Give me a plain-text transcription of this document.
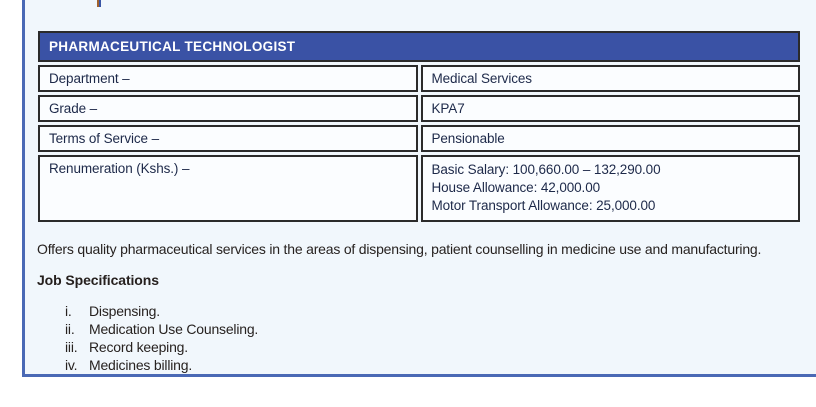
PHARMACEUTICAL TECHNOLOGIST	
Department –	Medical Services
Grade –	KPA7
Terms of Service –	Pensionable
Renumeration (Kshs.) –	Basic Salary: 100,660.00 – 132,290.00
House Allowance: 42,000.00
Motor Transport Allowance: 25,000.00

Offers quality pharmaceutical services in the areas of dispensing, patient counselling in medicine use and manufacturing.

Job Specifications

i.	Dispensing.
ii.	Medication Use Counseling.
iii. Record keeping.
iv. Medicines billing.
